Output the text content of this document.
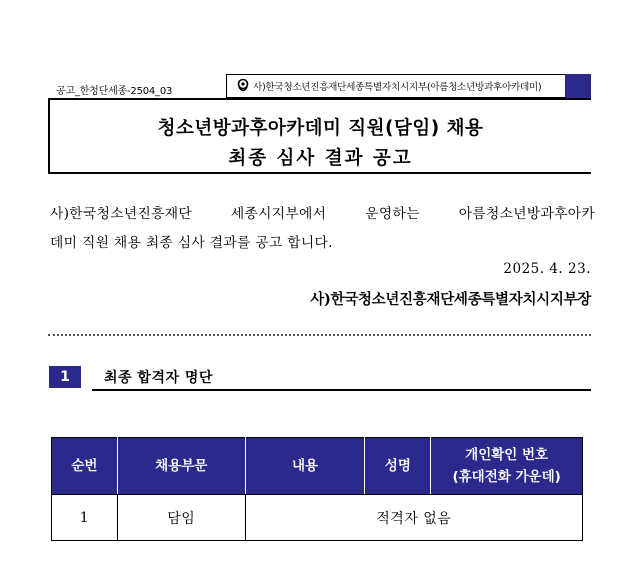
공고_한청단세종-2504_03	사)한국청소년진흥재단세종특별자치시지부(아름청소년방과후아카데미)
청소년방과후아카데미 직원(담임) 채용
최종 심사 결과 공고
사)한국청소년진흥재단 세종시지부에서 운영하는 아름청소년방과후아카
데미 직원 채용 최종 심사 결과를 공고 합니다.
2025. 4. 23.
사)한국청소년진흥재단세종특별자치시지부장
1	최종 합격자 명단
순번	채용부문	내용	성명	개인확인 번호
(휴대전화 가운데)
1	담임	적격자 없음		
